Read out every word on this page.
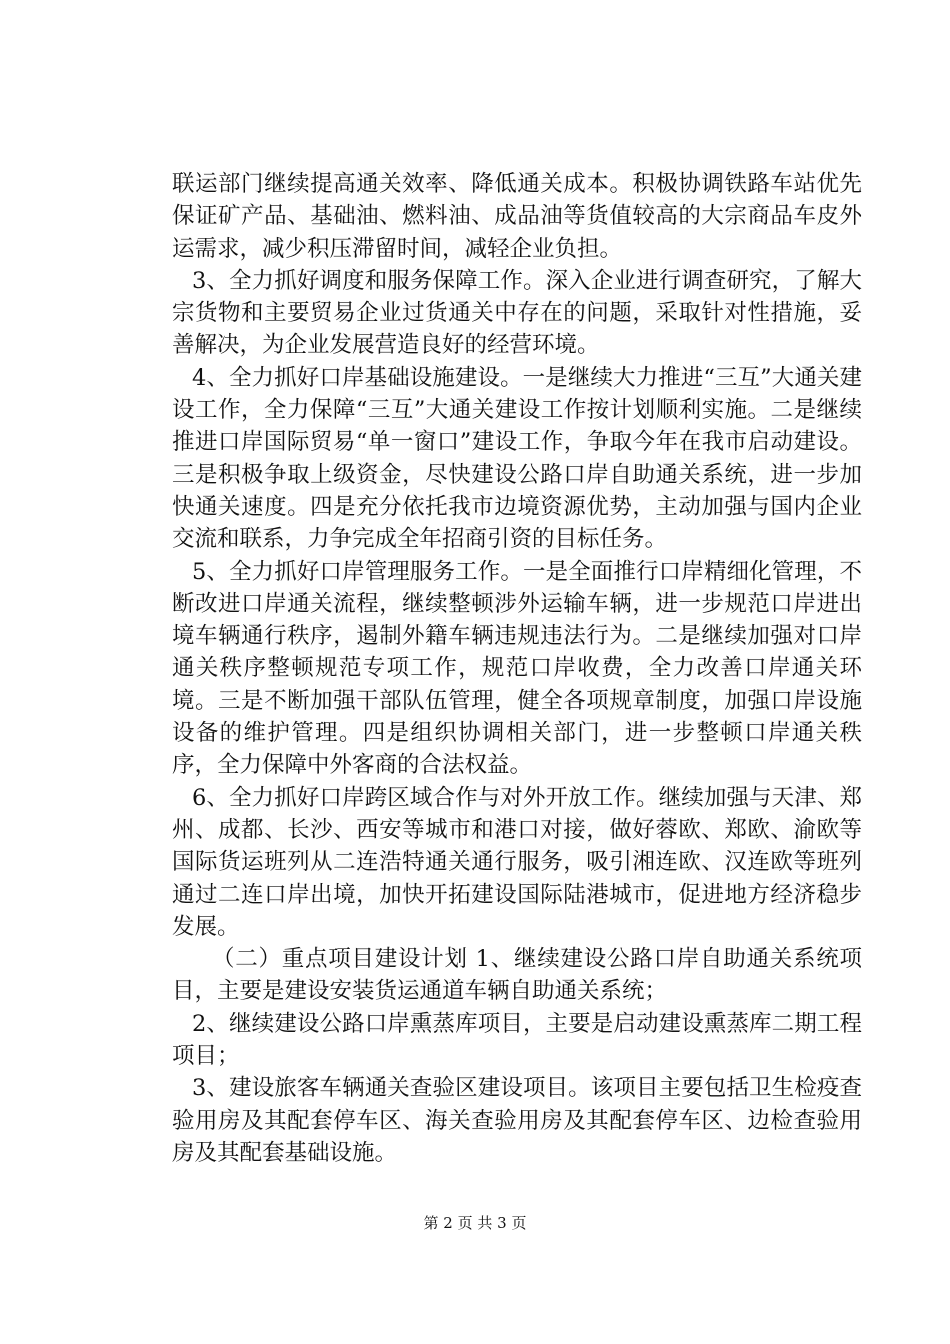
联运部门继续提高通关效率、降低通关成本。积极协调铁路车站优先保证矿产品、基础油、燃料油、成品油等货值较高的大宗商品车皮外运需求，减少积压滞留时间，减轻企业负担。

3、全力抓好调度和服务保障工作。深入企业进行调查研究，了解大宗货物和主要贸易企业过货通关中存在的问题，采取针对性措施，妥善解决，为企业发展营造良好的经营环境。

4、全力抓好口岸基础设施建设。一是继续大力推进“三互”大通关建设工作，全力保障“三互”大通关建设工作按计划顺利实施。二是继续推进口岸国际贸易“单一窗口”建设工作，争取今年在我市启动建设。三是积极争取上级资金，尽快建设公路口岸自助通关系统，进一步加快通关速度。四是充分依托我市边境资源优势，主动加强与国内企业交流和联系，力争完成全年招商引资的目标任务。

5、全力抓好口岸管理服务工作。一是全面推行口岸精细化管理，不断改进口岸通关流程，继续整顿涉外运输车辆，进一步规范口岸进出境车辆通行秩序，遏制外籍车辆违规违法行为。二是继续加强对口岸通关秩序整顿规范专项工作，规范口岸收费，全力改善口岸通关环境。三是不断加强干部队伍管理，健全各项规章制度，加强口岸设施设备的维护管理。四是组织协调相关部门，进一步整顿口岸通关秩序，全力保障中外客商的合法权益。

6、全力抓好口岸跨区域合作与对外开放工作。继续加强与天津、郑州、成都、长沙、西安等城市和港口对接，做好蓉欧、郑欧、渝欧等国际货运班列从二连浩特通关通行服务，吸引湘连欧、汉连欧等班列通过二连口岸出境，加快开拓建设国际陆港城市，促进地方经济稳步发展。

（二）重点项目建设计划 1、继续建设公路口岸自助通关系统项目，主要是建设安装货运通道车辆自助通关系统；

2、继续建设公路口岸熏蒸库项目，主要是启动建设熏蒸库二期工程项目；

3、建设旅客车辆通关查验区建设项目。该项目主要包括卫生检疫查验用房及其配套停车区、海关查验用房及其配套停车区、边检查验用房及其配套基础设施。

第 2 页 共 3 页
